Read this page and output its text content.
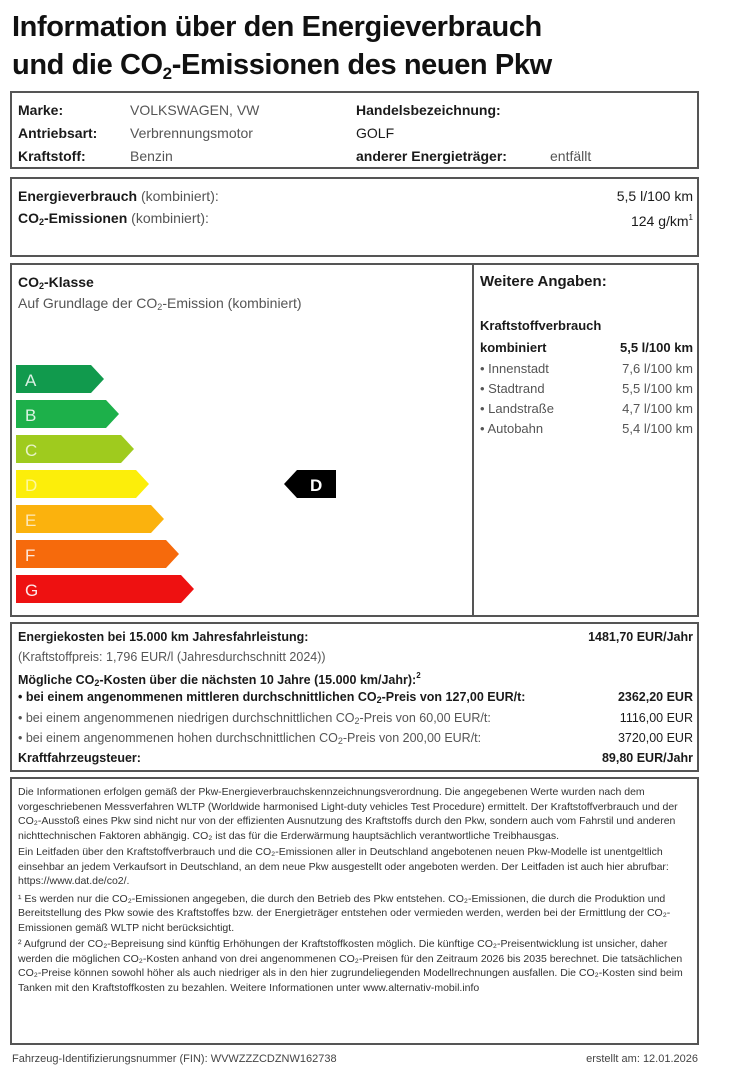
Information über den Energieverbrauch
und die $CO_2$-Emissionen des neuen Pkw
Marke:	VOLKSWAGEN, VW
Antriebsart: Verbrennungsmotor
Kraftstoff:	Benzin
Handelsbezeichnung:
GOLF
anderer Energieträger:	entfällt
Energieverbrauch (kombiniert):	5,5 l/100 km
$CO_2$-Emissionen (kombiniert):	124 $g/km^1$
$CO_2$-Klasse
Auf Grundlage der $CO_2$-Emission (kombiniert)
Weitere Angaben:
Kraftstoffverbrauch
kombiniert	5,5 l/100 km
• Innenstadt	7,6 l/100 km
• Stadtrand	5,5 l/100 km
• Landstraße	4,7 l/100 km
• Autobahn	5,4 l/100 km
A
B
C
D
E
F
G
D
Energiekosten bei 15.000 km Jahresfahrleistung:	1481,70 EUR/Jahr
(Kraftstoffpreis: 1,796 EUR/l (Jahresdurchschnitt 2024))
Mögliche $CO_2$-Kosten über die nächsten 10 Jahre (15.000 km/Jahr):$^2$
• bei einem angenommenen mittleren durchschnittlichen $CO_2$-Preis von 127,00 EUR/t:	2362,20 EUR
• bei einem angenommenen niedrigen durchschnittlichen $CO_2$-Preis von 60,00 EUR/t:	1116,00 EUR
• bei einem angenommenen hohen durchschnittlichen $CO_2$-Preis von 200,00 EUR/t:	3720,00 EUR
Kraftfahrzeugsteuer:	89,80 EUR/Jahr
Die Informationen erfolgen gemäß der Pkw-Energieverbrauchskennzeichnungsverordnung. Die angegebenen Werte wurden nach dem vorgeschriebenen Messverfahren WLTP (Worldwide harmonised Light-duty vehicles Test Procedure) ermittelt. Der Kraftstoffverbrauch und der CO₂-Ausstoß eines Pkw sind nicht nur von der effizienten Ausnutzung des Kraftstoffs durch den Pkw, sondern auch vom Fahrstil und anderen nichttechnischen Faktoren abhängig. CO₂ ist das für die Erderwärmung hauptsächlich verantwortliche Treibhausgas.
Ein Leitfaden über den Kraftstoffverbrauch und die CO₂-Emissionen aller in Deutschland angebotenen neuen Pkw-Modelle ist unentgeltlich einsehbar an jedem Verkaufsort in Deutschland, an dem neue Pkw ausgestellt oder angeboten werden. Der Leitfaden ist auch hier abrufbar: https://www.dat.de/co2/.
¹ Es werden nur die CO₂-Emissionen angegeben, die durch den Betrieb des Pkw entstehen. CO₂-Emissionen, die durch die Produktion und Bereitstellung des Pkw sowie des Kraftstoffes bzw. der Energieträger entstehen oder vermieden werden, werden bei der Ermittlung der CO₂-Emissionen gemäß WLTP nicht berücksichtigt.
² Aufgrund der CO₂-Bepreisung sind künftig Erhöhungen der Kraftstoffkosten möglich. Die künftige CO₂-Preisentwicklung ist unsicher, daher werden die möglichen CO₂-Kosten anhand von drei angenommenen CO₂-Preisen für den Zeitraum 2026 bis 2035 berechnet. Die tatsächlichen CO₂-Preise können sowohl höher als auch niedriger als in den hier zugrundeliegenden Modellrechnungen ausfallen. Die CO₂-Kosten sind beim Tanken mit den Kraftstoffkosten zu bezahlen. Weitere Informationen unter www.alternativ-mobil.info
Fahrzeug-Identifizierungsnummer (FIN): WVWZZZCDZNW162738	erstellt am: 12.01.2026
